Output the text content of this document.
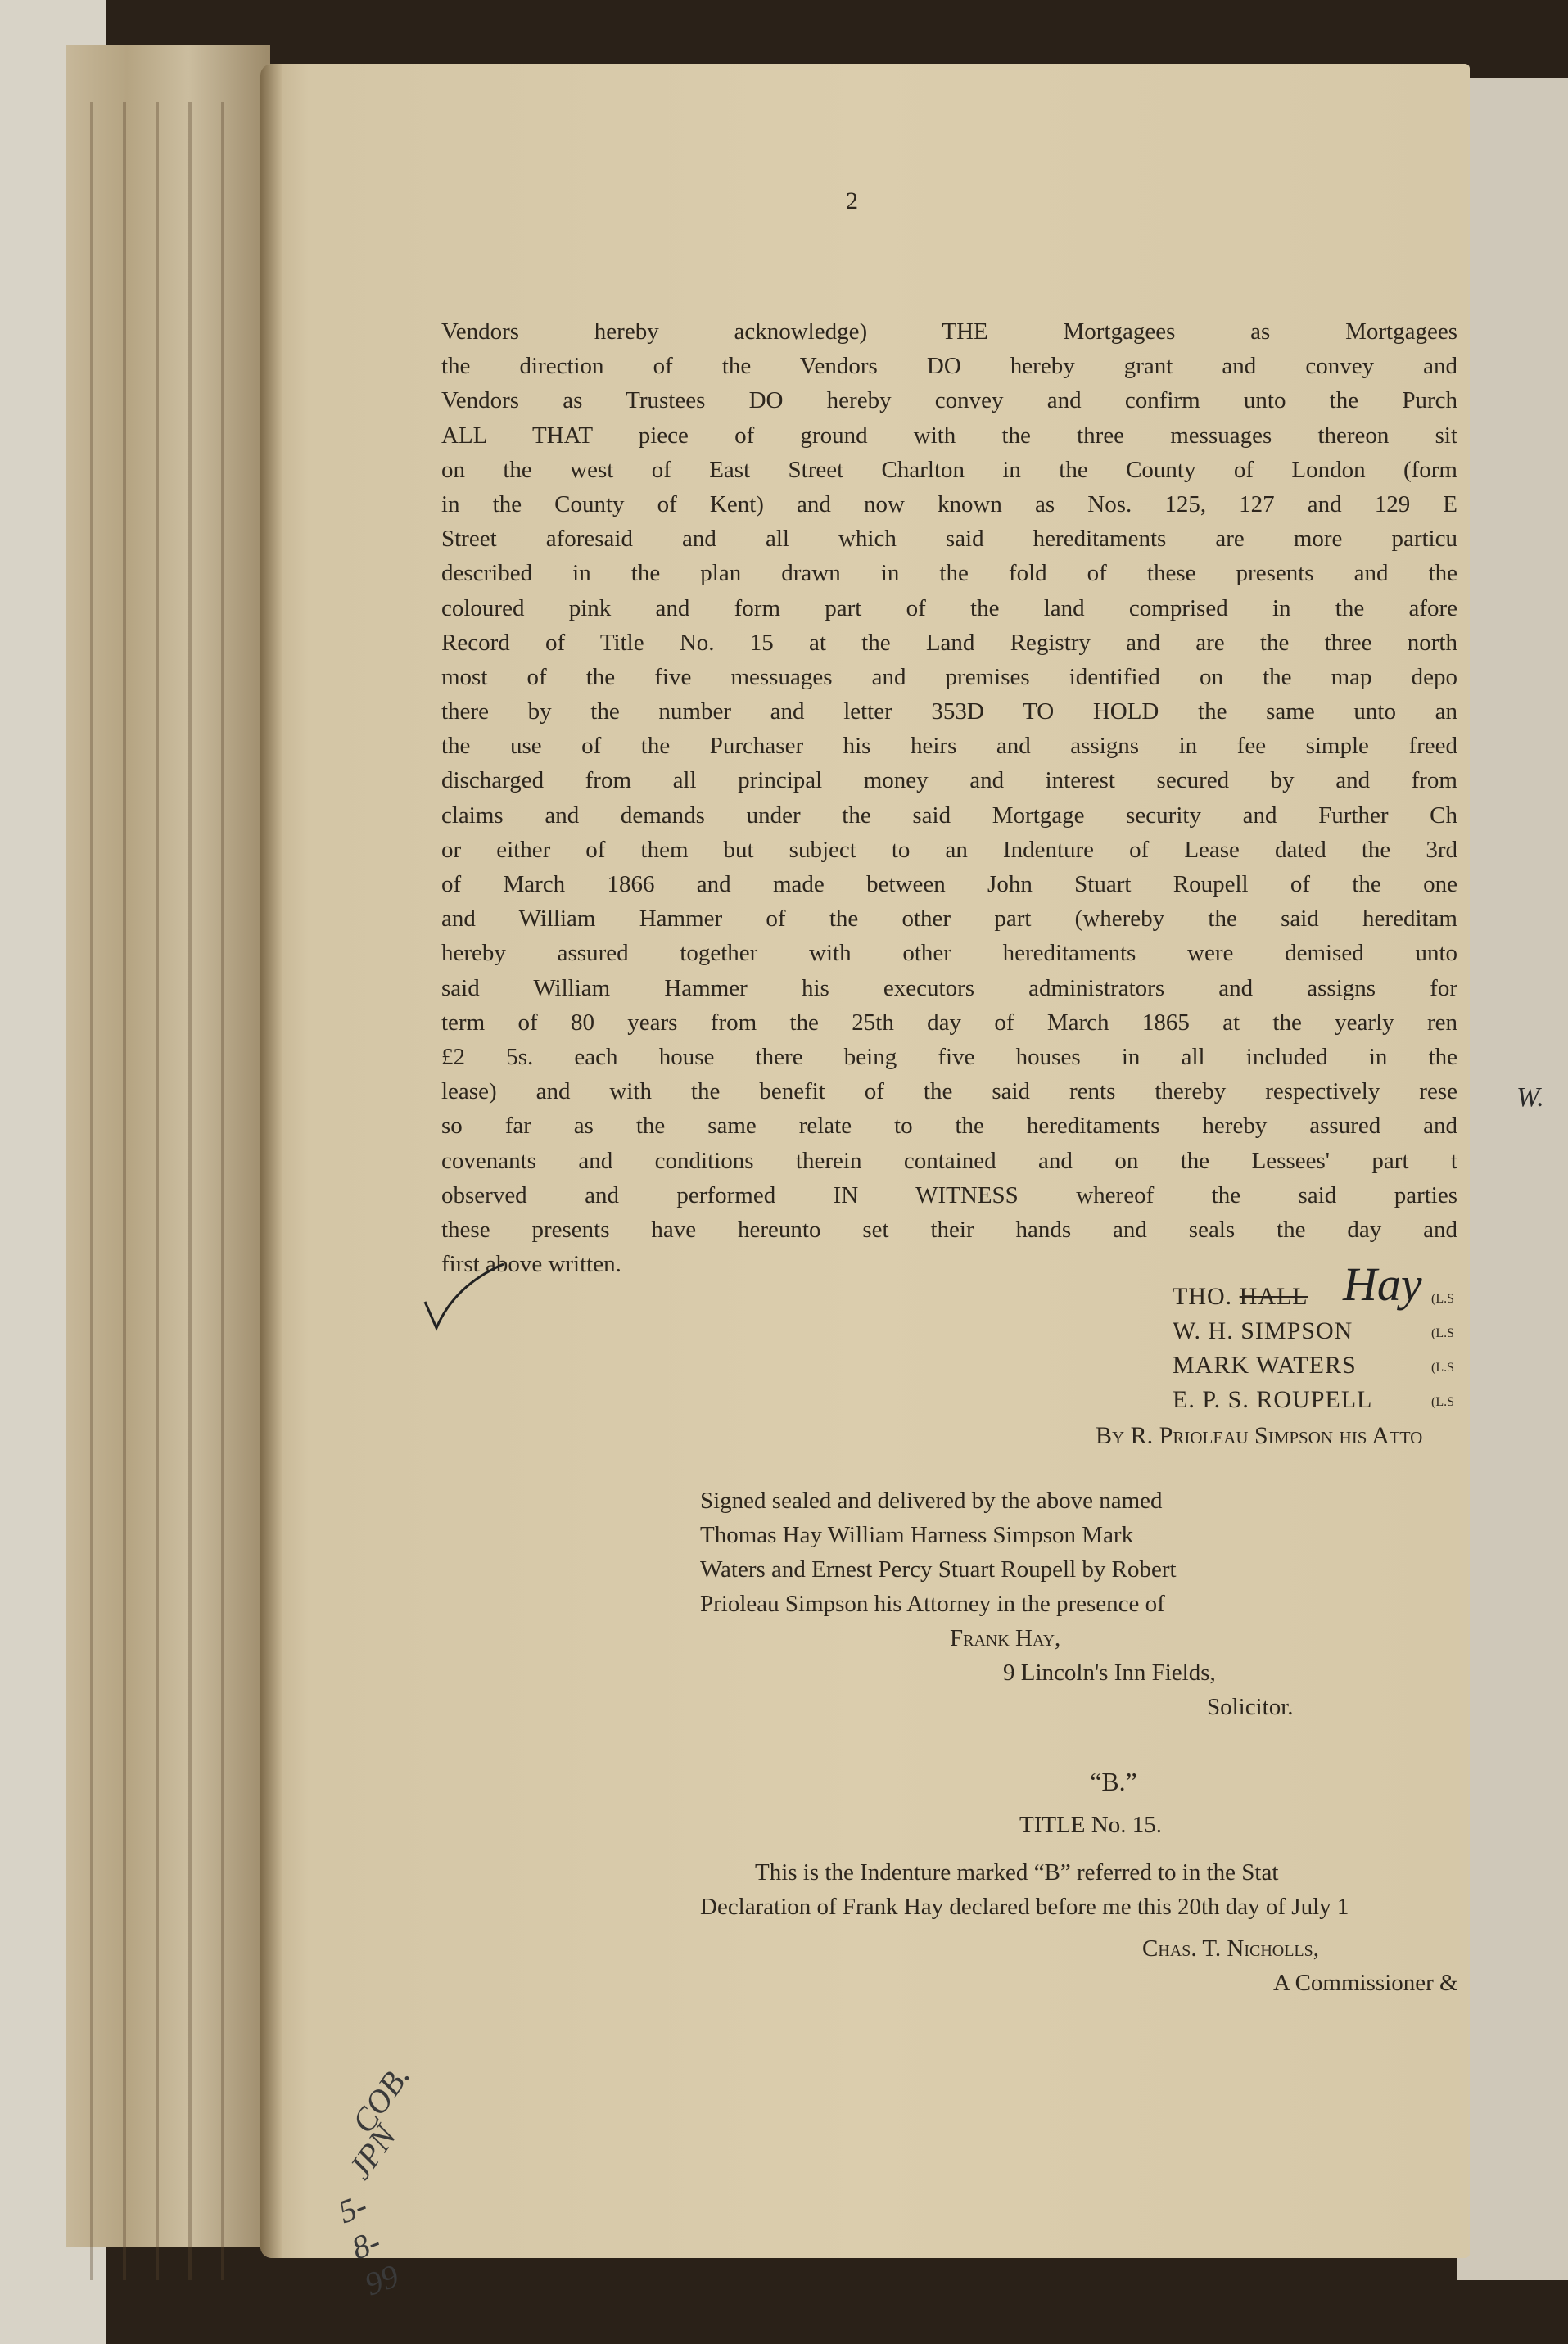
W.
2
Vendors hereby acknowledge) THE Mortgagees as Mortgagees
the direction of the Vendors DO hereby grant and convey and
Vendors as Trustees DO hereby convey and confirm unto the Purch
ALL THAT piece of ground with the three messuages thereon sit
on the west of East Street Charlton in the County of London (form
in the County of Kent) and now known as Nos. 125, 127 and 129 E
Street aforesaid and all which said hereditaments are more particu
described in the plan drawn in the fold of these presents and the
coloured pink and form part of the land comprised in the afore
Record of Title No. 15 at the Land Registry and are the three north
most of the five messuages and premises identified on the map depo
there by the number and letter 353D TO HOLD the same unto an
the use of the Purchaser his heirs and assigns in fee simple freed
discharged from all principal money and interest secured by and from
claims and demands under the said Mortgage security and Further Ch
or either of them but subject to an Indenture of Lease dated the 3rd
of March 1866 and made between John Stuart Roupell of the one
and William Hammer of the other part (whereby the said hereditam
hereby assured together with other hereditaments were demised unto
said William Hammer his executors administrators and assigns for
term of 80 years from the 25th day of March 1865 at the yearly ren
£2 5s. each house there being five houses in all included in the
lease) and with the benefit of the said rents thereby respectively rese
so far as the same relate to the hereditaments hereby assured and
covenants and conditions therein contained and on the Lessees' part t
observed and performed IN WITNESS whereof the said parties
these presents have hereunto set their hands and seals the day and
first above written.
THO. HALL Hay
W. H. SIMPSON
MARK WATERS
E. P. S. ROUPELL
(L.S
(L.S
(L.S
(L.S
By R. Prioleau Simpson his Atto
Signed sealed and delivered by the above named
Thomas Hay William Harness Simpson Mark
Waters and Ernest Percy Stuart Roupell by Robert
Prioleau Simpson his Attorney in the presence of
Frank Hay,
9 Lincoln's Inn Fields,
Solicitor.
“B.”
TITLE No. 15.
This is the Indenture marked “B” referred to in the Stat
Declaration of Frank Hay declared before me this 20th day of July 1
Chas. T. Nicholls,
A Commissioner &
COB.
JPN
5-8-99
